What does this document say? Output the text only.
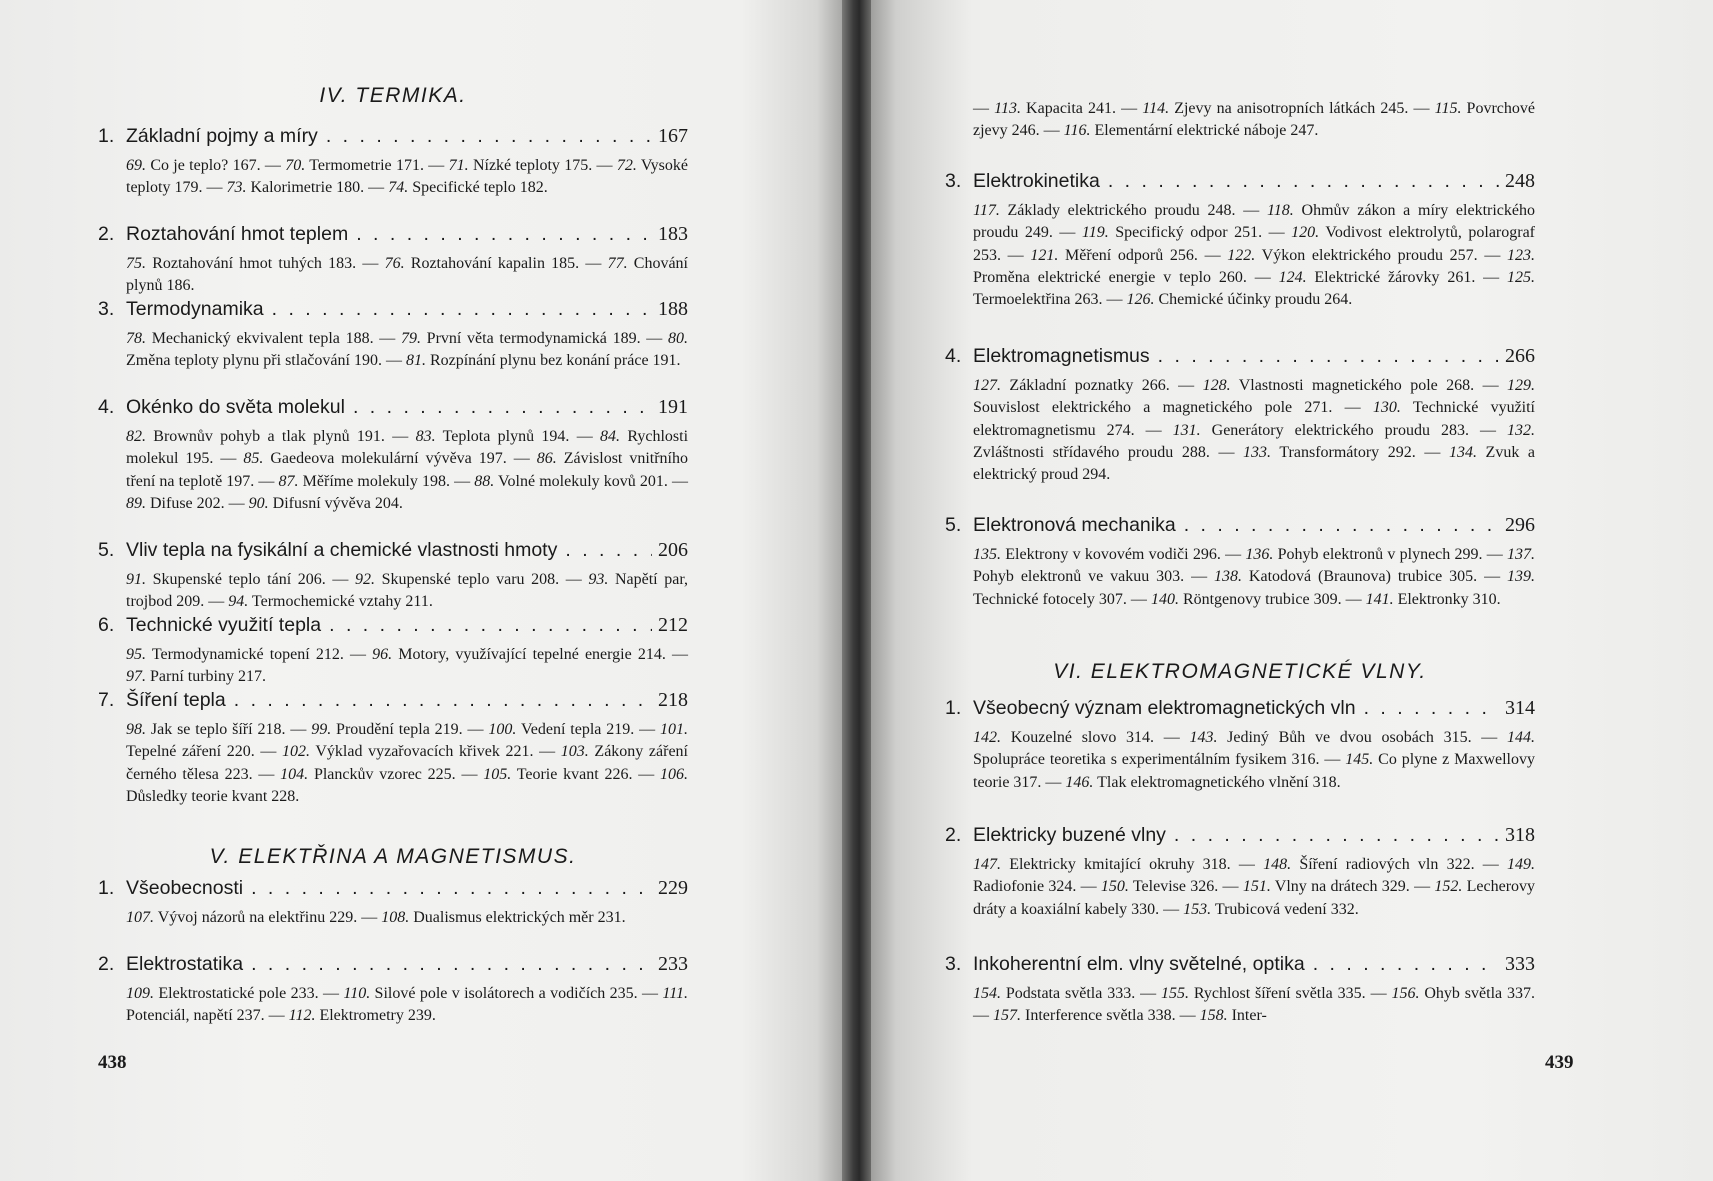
IV. TERMIKA.
1. Základní pojmy a míry . . .	167
69. Co je teplo? 167. — 70. Termometrie 171. — 71. Nízké teploty 175. — 72. Vysoké teploty 179. — 73. Kalorimetrie 180. — 74. Specifické teplo 182.
2. Roztahování hmot teplem . . .	183
75. Roztahování hmot tuhých 183. — 76. Roztahování kapalin 185. — 77. Chování plynů 186.
3. Termodynamika . . .	188
78. Mechanický ekvivalent tepla 188. — 79. První věta termodynamická 189. — 80. Změna teploty plynu při stlačování 190. — 81. Rozpínání plynu bez konání práce 191.
4. Okénko do světa molekul . . .	191
82. Brownův pohyb a tlak plynů 191. — 83. Teplota plynů 194. — 84. Rychlosti molekul 195. — 85. Gaedeova molekulární vývěva 197. — 86. Závislost vnitřního tření na teplotě 197. — 87. Měříme molekuly 198. — 88. Volné molekuly kovů 201. — 89. Difuse 202. — 90. Difusní vývěva 204.
5. Vliv tepla na fysikální a chemické vlastnosti hmoty . . .	206
91. Skupenské teplo tání 206. — 92. Skupenské teplo varu 208. — 93. Napětí par, trojbod 209. — 94. Termochemické vztahy 211.
6. Technické využití tepla . . .	212
95. Termodynamické topení 212. — 96. Motory, využívající tepelné energie 214. — 97. Parní turbiny 217.
7. Šíření tepla . . .	218
98. Jak se teplo šíří 218. — 99. Proudění tepla 219. — 100. Vedení tepla 219. — 101. Tepelné záření 220. — 102. Výklad vyzařovacích křivek 221. — 103. Zákony záření černého tělesa 223. — 104. Planckův vzorec 225. — 105. Teorie kvant 226. — 106. Důsledky teorie kvant 228.
V. ELEKTŘINA A MAGNETISMUS.
1. Všeobecnosti . . .	229
107. Vývoj názorů na elektřinu 229. — 108. Dualismus elektrických měr 231.
2. Elektrostatika . . .	233
109. Elektrostatické pole 233. — 110. Silové pole v isolátorech a vodičích 235. — 111. Potenciál, napětí 237. — 112. Elektrometry 239.
438
— 113. Kapacita 241. — 114. Zjevy na anisotropních látkách 245. — 115. Povrchové zjevy 246. — 116. Elementární elektrické náboje 247.
3. Elektrokinetika . . .	248
117. Základy elektrického proudu 248. — 118. Ohmův zákon a míry elektrického proudu 249. — 119. Specifický odpor 251. — 120. Vodivost elektrolytů, polarograf 253. — 121. Měření odporů 256. — 122. Výkon elektrického proudu 257. — 123. Proměna elektrické energie v teplo 260. — 124. Elektrické žárovky 261. — 125. Termoelektřina 263. — 126. Chemické účinky proudu 264.
4. Elektromagnetismus . . .	266
127. Základní poznatky 266. — 128. Vlastnosti magnetického pole 268. — 129. Souvislost elektrického a magnetického pole 271. — 130. Technické využití elektromagnetismu 274. — 131. Generátory elektrického proudu 283. — 132. Zvláštnosti střídavého proudu 288. — 133. Transformátory 292. — 134. Zvuk a elektrický proud 294.
5. Elektronová mechanika . . .	296
135. Elektrony v kovovém vodiči 296. — 136. Pohyb elektronů v plynech 299. — 137. Pohyb elektronů ve vakuu 303. — 138. Katodová (Braunova) trubice 305. — 139. Technické fotocely 307. — 140. Röntgenovy trubice 309. — 141. Elektronky 310.
VI. ELEKTROMAGNETICKÉ VLNY.
1. Všeobecný význam elektromagnetických vln . . .	314
142. Kouzelné slovo 314. — 143. Jediný Bůh ve dvou osobách 315. — 144. Spolupráce teoretika s experimentálním fysikem 316. — 145. Co plyne z Maxwellovy teorie 317. — 146. Tlak elektromagnetického vlnění 318.
2. Elektricky buzené vlny . . .	318
147. Elektricky kmitající okruhy 318. — 148. Šíření radiových vln 322. — 149. Radiofonie 324. — 150. Televise 326. — 151. Vlny na drátech 329. — 152. Lecherovy dráty a koaxiální kabely 330. — 153. Trubicová vedení 332.
3. Inkoherentní elm. vlny světelné, optika . . .	333
154. Podstata světla 333. — 155. Rychlost šíření světla 335. — 156. Ohyb světla 337. — 157. Interference světla 338. — 158. Inter-
439
